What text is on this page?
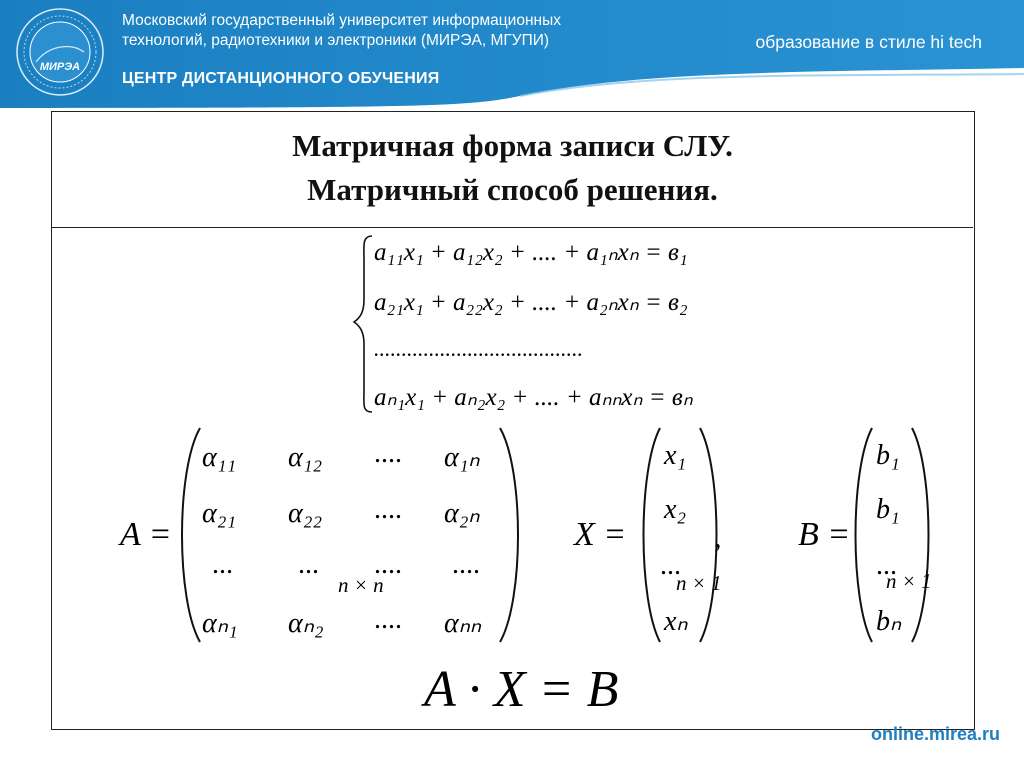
МИРЭА
Московский государственный университет информационных
технологий, радиотехники и электроники (МИРЭА, МГУПИ)
ЦЕНТР ДИСТАНЦИОННОГО ОБУЧЕНИЯ
образование в стиле hi tech
Матричная форма записи СЛУ.
Матричный способ решения.
a₁₁x₁ + a₁₂x₂ + .... + a₁ₙxₙ = в₁
a₂₁x₁ + a₂₂x₂ + .... + a₂ₙxₙ = в₂
......................................
aₙ₁x₁ + aₙ₂x₂ + .... + aₙₙxₙ = вₙ
A =
α₁₁ α₁₂ .... α₁ₙ
α₂₁ α₂₂ .... α₂ₙ
... ... .... ....
αₙ₁ αₙ₂ .... αₙₙ
n × n
X =
x₁
x₂
...
xₙ
,
n × 1
B =
b₁
b₁
...
bₙ
n × 1
A · X = B
online.mirea.ru
